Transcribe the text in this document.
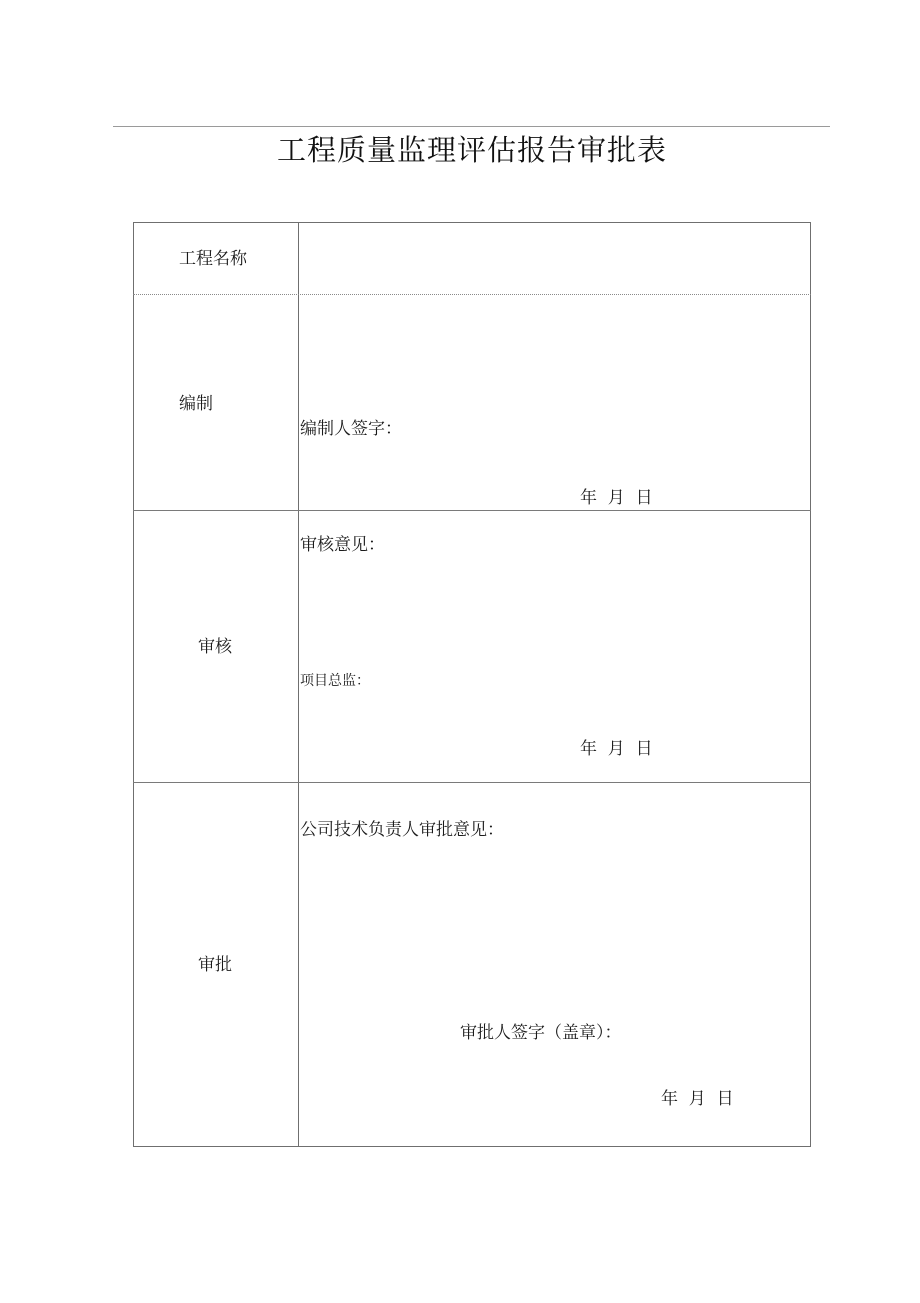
工程质量监理评估报告审批表
工程名称
编制
编制人签字：
年  月  日
审核
审核意见：
项目总监：
年  月  日
审批
公司技术负责人审批意见：
审批人签字（盖章）：
年  月  日
